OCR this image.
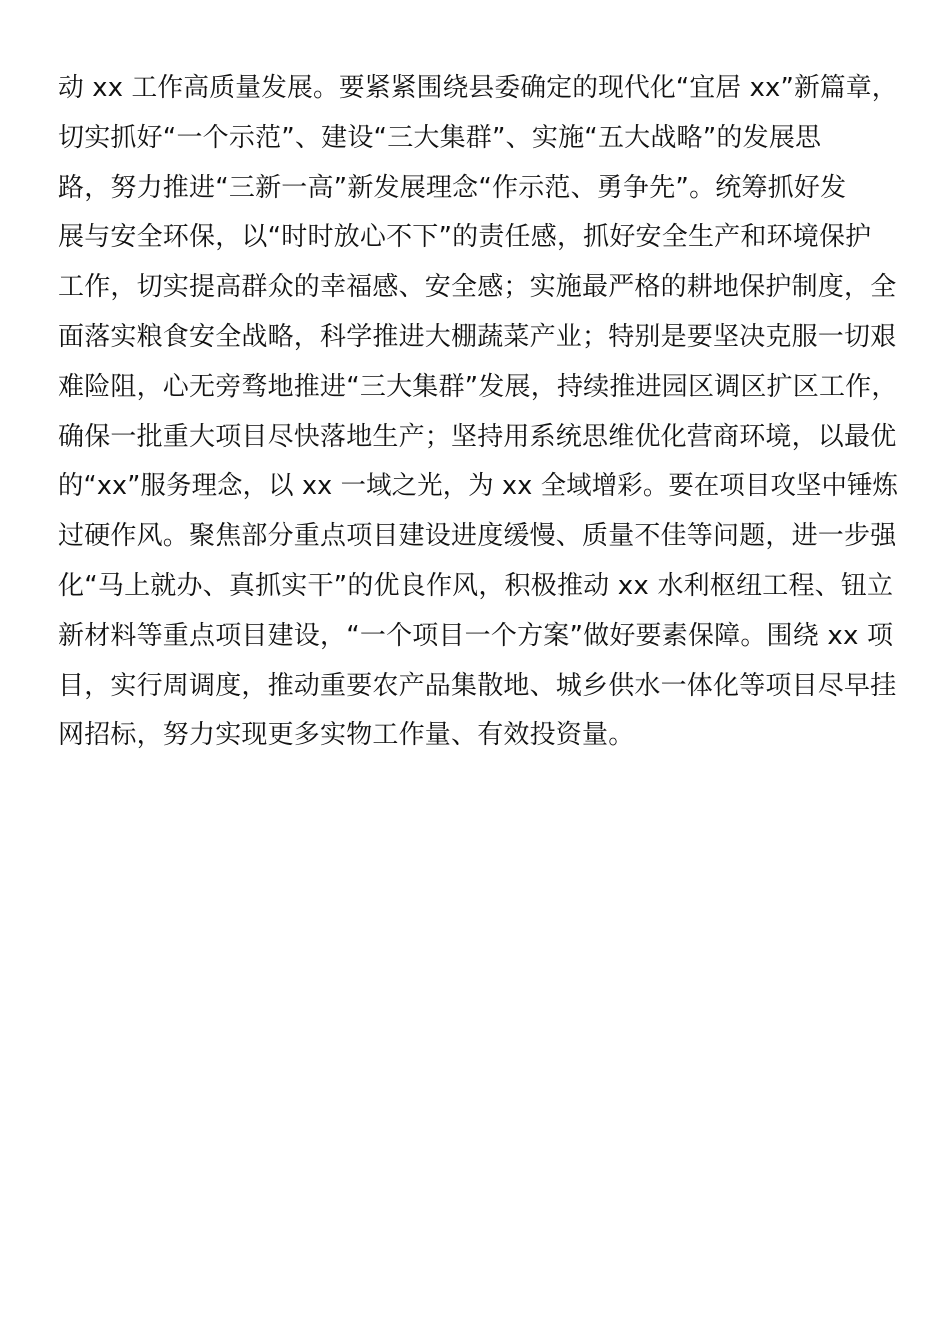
动 xx 工作高质量发展。要紧紧围绕县委确定的现代化“宜居 xx”新篇章，
切实抓好“一个示范”、建设“三大集群”、实施“五大战略”的发展思
路，努力推进“三新一高”新发展理念“作示范、勇争先”。统筹抓好发
展与安全环保，以“时时放心不下”的责任感，抓好安全生产和环境保护
工作，切实提高群众的幸福感、安全感；实施最严格的耕地保护制度，全
面落实粮食安全战略，科学推进大棚蔬菜产业；特别是要坚决克服一切艰
难险阻，心无旁骛地推进“三大集群”发展，持续推进园区调区扩区工作，
确保一批重大项目尽快落地生产；坚持用系统思维优化营商环境，以最优
的“xx”服务理念，以 xx 一域之光，为 xx 全域增彩。要在项目攻坚中锤炼
过硬作风。聚焦部分重点项目建设进度缓慢、质量不佳等问题，进一步强
化“马上就办、真抓实干”的优良作风，积极推动 xx 水利枢纽工程、钮立
新材料等重点项目建设，“一个项目一个方案”做好要素保障。围绕 xx 项
目，实行周调度，推动重要农产品集散地、城乡供水一体化等项目尽早挂
网招标，努力实现更多实物工作量、有效投资量。
